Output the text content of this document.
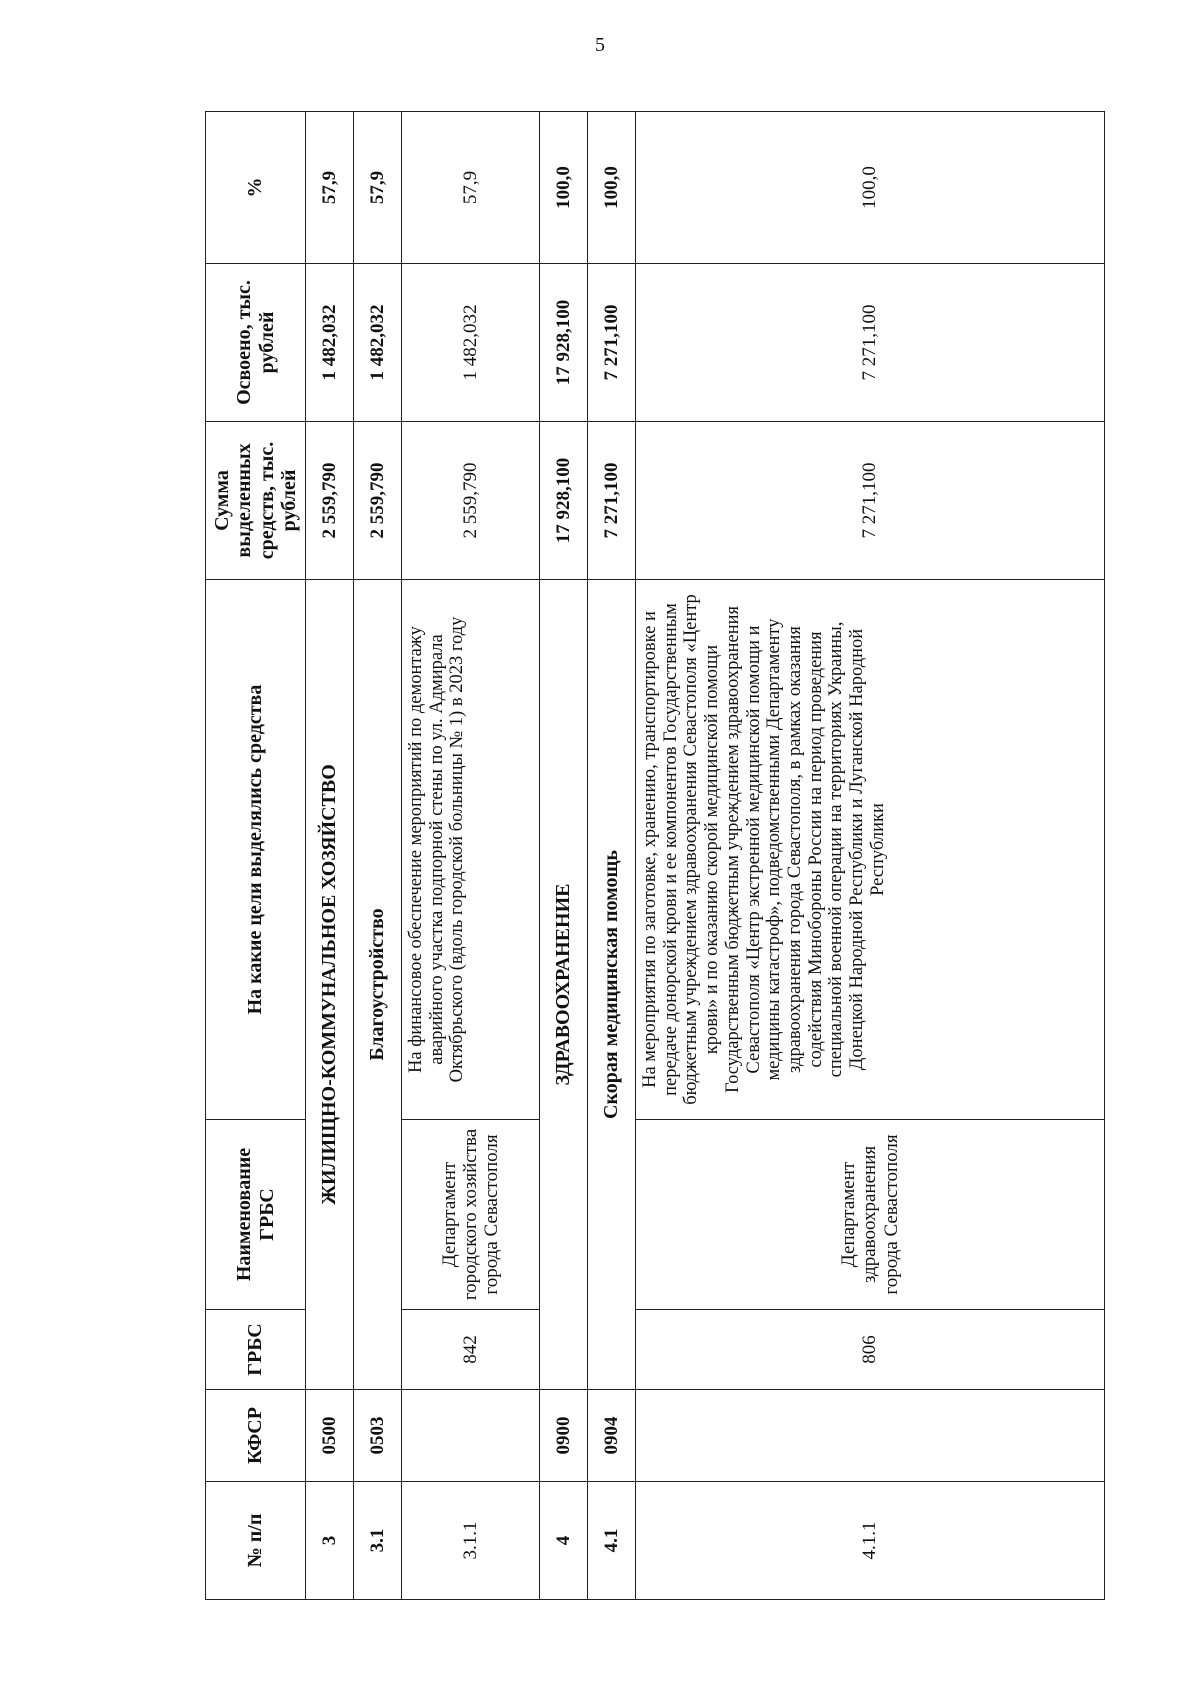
5
№ п/п	КФСР	ГРБС	Наименование ГРБС	На какие цели выделялись средства	Сумма выделенных средств, тыс. рублей	Освоено, тыс. рублей	%
3	0500	ЖИЛИЩНО-КОММУНАЛЬНОЕ ХОЗЯЙСТВО			2 559,790	1 482,032	57,9
3.1	0503	Благоустройство			2 559,790	1 482,032	57,9
3.1.1		842	Департамент городского хозяйства города Севастополя	На финансовое обеспечение мероприятий по демонтажу аварийного участка подпорной стены по ул. Адмирала Октябрьского (вдоль городской больницы № 1) в 2023 году	2 559,790	1 482,032	57,9
4	0900	ЗДРАВООХРАНЕНИЕ			17 928,100	17 928,100	100,0
4.1	0904	Скорая медицинская помощь			7 271,100	7 271,100	100,0
4.1.1		806	Департамент здравоохранения города Севастополя	На мероприятия по заготовке, хранению, транспортировке и передаче донорской крови и ее компонентов Государственным бюджетным учреждением здравоохранения Севастополя «Центр крови» и по оказанию скорой медицинской помощи Государственным бюджетным учреждением здравоохранения Севастополя «Центр экстренной медицинской помощи и медицины катастроф», подведомственными Департаменту здравоохранения города Севастополя, в рамках оказания содействия Минобороны России на период проведения специальной военной операции на территориях Украины, Донецкой Народной Республики и Луганской Народной Республики	7 271,100	7 271,100	100,0
